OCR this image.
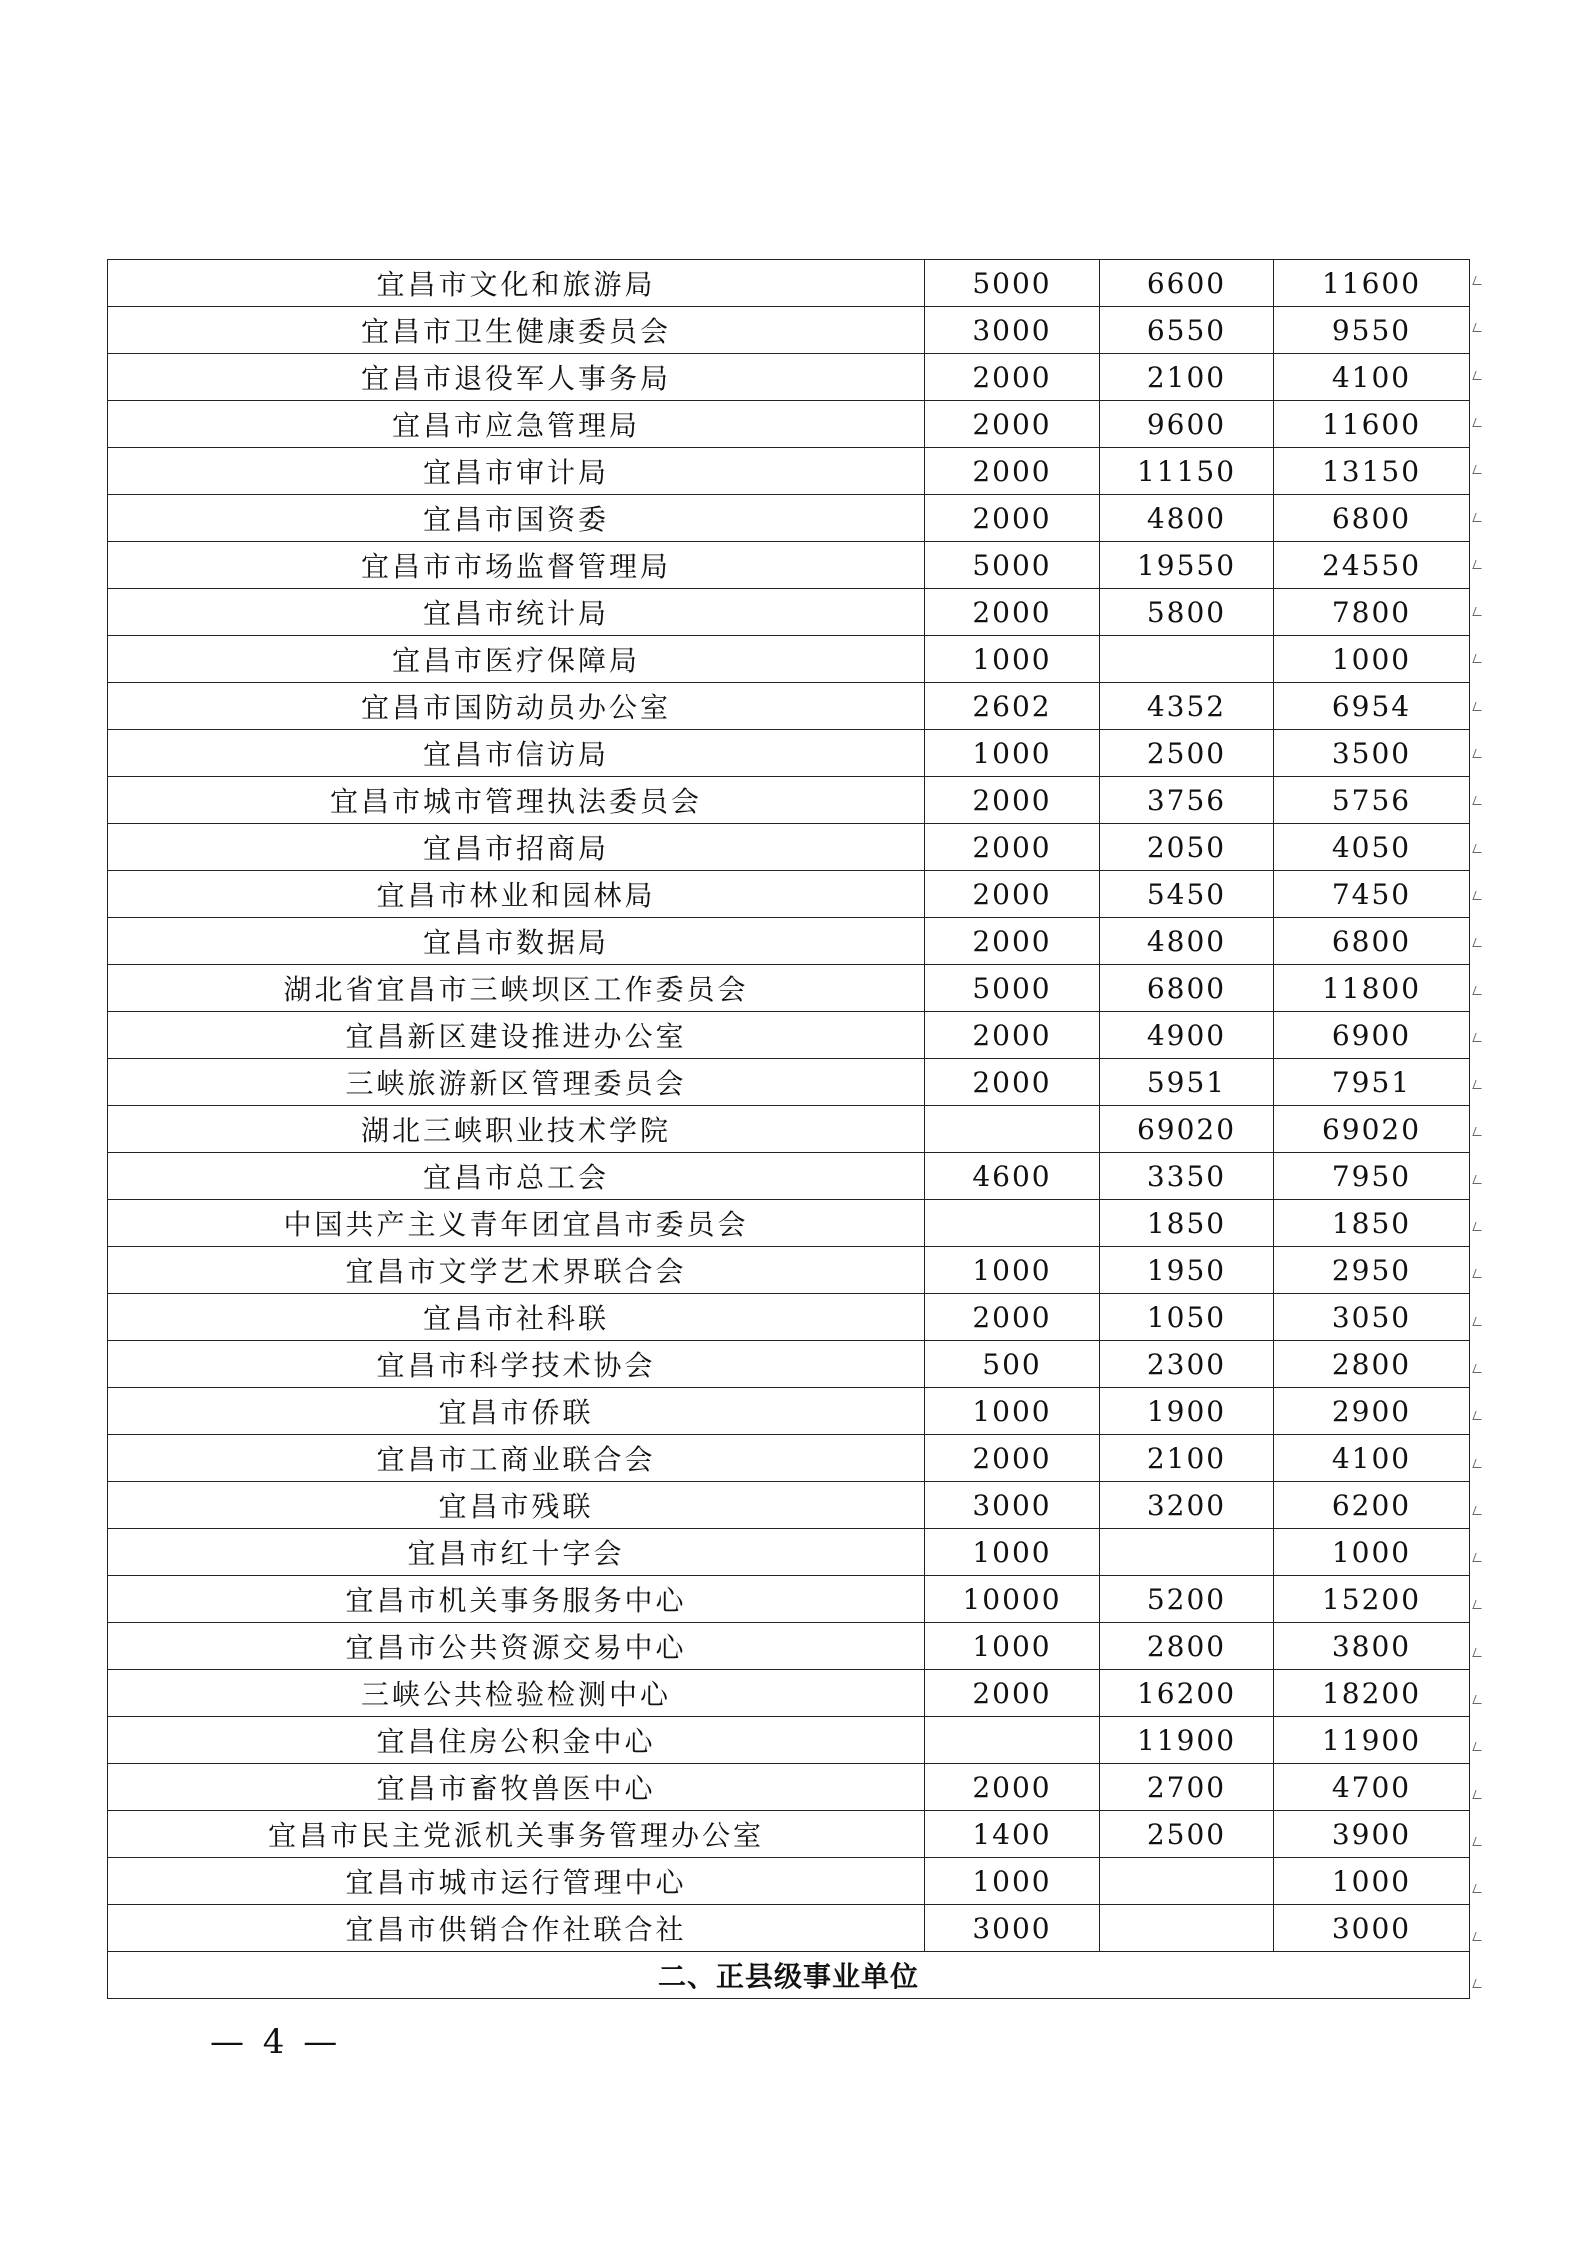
宜昌市文化和旅游局	5000	6600	11600
宜昌市卫生健康委员会	3000	6550	9550
宜昌市退役军人事务局	2000	2100	4100
宜昌市应急管理局	2000	9600	11600
宜昌市审计局	2000	11150	13150
宜昌市国资委	2000	4800	6800
宜昌市市场监督管理局	5000	19550	24550
宜昌市统计局	2000	5800	7800
宜昌市医疗保障局	1000		1000
宜昌市国防动员办公室	2602	4352	6954
宜昌市信访局	1000	2500	3500
宜昌市城市管理执法委员会	2000	3756	5756
宜昌市招商局	2000	2050	4050
宜昌市林业和园林局	2000	5450	7450
宜昌市数据局	2000	4800	6800
湖北省宜昌市三峡坝区工作委员会	5000	6800	11800
宜昌新区建设推进办公室	2000	4900	6900
三峡旅游新区管理委员会	2000	5951	7951
湖北三峡职业技术学院		69020	69020
宜昌市总工会	4600	3350	7950
中国共产主义青年团宜昌市委员会		1850	1850
宜昌市文学艺术界联合会	1000	1950	2950
宜昌市社科联	2000	1050	3050
宜昌市科学技术协会	500	2300	2800
宜昌市侨联	1000	1900	2900
宜昌市工商业联合会	2000	2100	4100
宜昌市残联	3000	3200	6200
宜昌市红十字会	1000		1000
宜昌市机关事务服务中心	10000	5200	15200
宜昌市公共资源交易中心	1000	2800	3800
三峡公共检验检测中心	2000	16200	18200
宜昌住房公积金中心		11900	11900
宜昌市畜牧兽医中心	2000	2700	4700
宜昌市民主党派机关事务管理办公室	1400	2500	3900
宜昌市城市运行管理中心	1000		1000
宜昌市供销合作社联合社	3000		3000
二、正县级事业单位			
— 4 —
